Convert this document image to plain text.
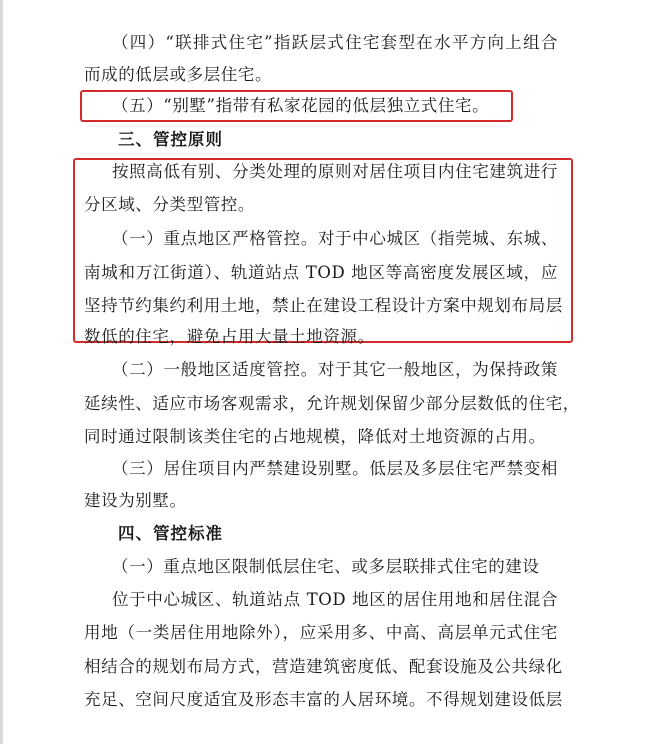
（四）“联排式住宅”指跃层式住宅套型在水平方向上组合
而成的低层或多层住宅。
（五）“别墅”指带有私家花园的低层独立式住宅。
三、管控原则
按照高低有别、分类处理的原则对居住项目内住宅建筑进行
分区域、分类型管控。
（一）重点地区严格管控。对于中心城区（指莞城、东城、
南城和万江街道）、轨道站点 TOD 地区等高密度发展区域，应
坚持节约集约利用土地，禁止在建设工程设计方案中规划布局层
数低的住宅，避免占用大量土地资源。
（二）一般地区适度管控。对于其它一般地区，为保持政策
延续性、适应市场客观需求，允许规划保留少部分层数低的住宅，
同时通过限制该类住宅的占地规模，降低对土地资源的占用。
（三）居住项目内严禁建设别墅。低层及多层住宅严禁变相
建设为别墅。
四、管控标准
（一）重点地区限制低层住宅、或多层联排式住宅的建设
位于中心城区、轨道站点 TOD 地区的居住用地和居住混合
用地（一类居住用地除外），应采用多、中高、高层单元式住宅
相结合的规划布局方式，营造建筑密度低、配套设施及公共绿化
充足、空间尺度适宜及形态丰富的人居环境。不得规划建设低层
